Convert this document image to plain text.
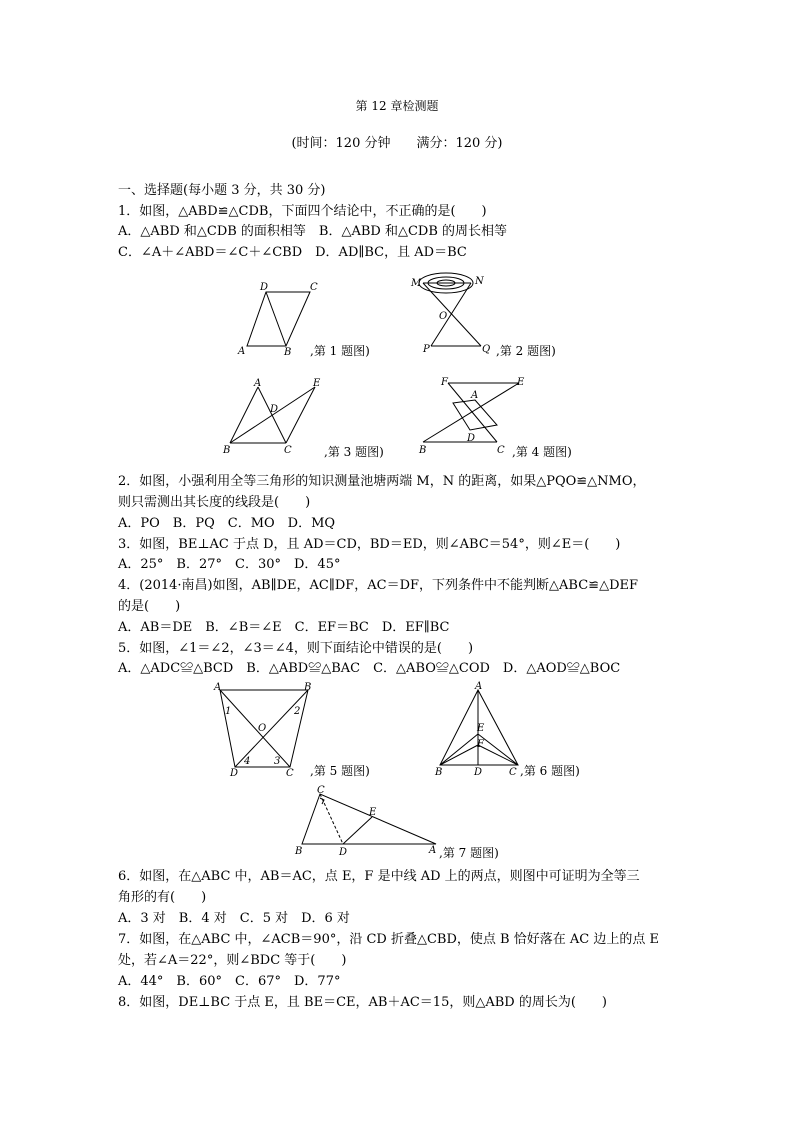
第 12 章检测题
(时间：120 分钟　　满分：120 分)
一、选择题(每小题 3 分，共 30 分)
1．如图，△ABD≌△CDB，下面四个结论中，不正确的是(　　)
A．△ABD 和△CDB 的面积相等　B．△ABD 和△CDB 的周长相等
C．∠A＋∠ABD＝∠C＋∠CBD　D．AD∥BC，且 AD＝BC
D	C
A	B ,第 1 题图)
M	N
O
P	Q ,第 2 题图)
A	E
D
B	C	,第 3 题图)
F	E
A
D
B	C ,第 4 题图)
2．如图，小强利用全等三角形的知识测量池塘两端 M，N 的距离，如果△PQO≌△NMO，
则只需测出其长度的线段是(　　)
A．PO　B．PQ　C．MO　D．MQ
3．如图，BE⊥AC 于点 D，且 AD＝CD，BD＝ED，则∠ABC＝54°，则∠E＝(　　)
A．25°　B．27°　C．30°　D．45°
4．(2014·南昌)如图，AB∥DE，AC∥DF，AC＝DF，下列条件中不能判断△ABC≌△DEF
的是(　　)
A．AB＝DE　B．∠B＝∠E　C．EF＝BC　D．EF∥BC
5．如图，∠1＝∠2，∠3＝∠4，则下面结论中错误的是(　　)
A．△ADC≌△BCD　B．△ABD≌△BAC　C．△ABO≌△COD　D．△AOD≌△BOC
A	B
1	2
O
4 3
D	C ,第 5 题图)
A
E
F
B	D	C ,第 6 题图)
C
E
B	D	A ,第 7 题图)
6．如图，在△ABC 中，AB＝AC，点 E，F 是中线 AD 上的两点，则图中可证明为全等三
角形的有(　　)
A．3 对　B．4 对　C．5 对　D．6 对
7．如图，在△ABC 中，∠ACB＝90°，沿 CD 折叠△CBD，使点 B 恰好落在 AC 边上的点 E
处，若∠A＝22°，则∠BDC 等于(　　)
A．44°　B．60°　C．67°　D．77°
8．如图，DE⊥BC 于点 E，且 BE＝CE，AB＋AC＝15，则△ABD 的周长为(　　)
